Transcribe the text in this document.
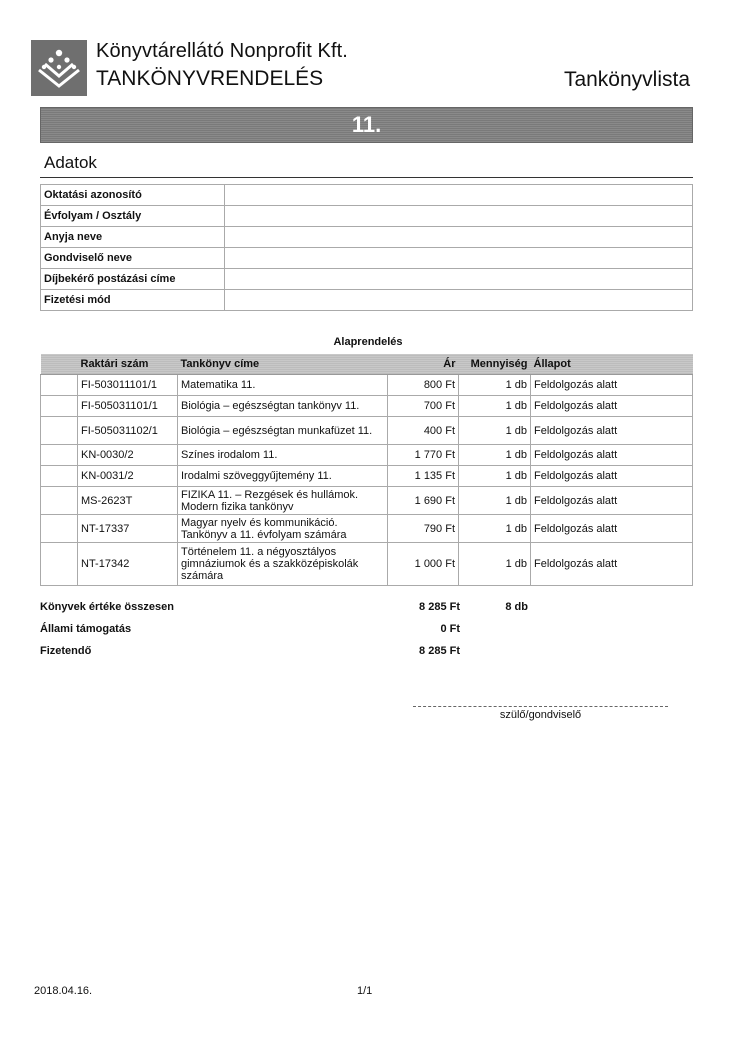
Könyvtárellátó Nonprofit Kft.
TANKÖNYVRENDELÉS	Tankönyvlista
11.
Adatok
Oktatási azonosító	
Évfolyam / Osztály	
Anyja neve	
Gondviselő neve	
Díjbekérő postázási címe	
Fizetési mód	
Alaprendelés
	Raktári szám	Tankönyv címe	Ár	Mennyiség	Állapot
	FI-503011101/1	Matematika 11.	800 Ft	1 db	Feldolgozás alatt
	FI-505031101/1	Biológia – egészségtan tankönyv 11.	700 Ft	1 db	Feldolgozás alatt
	FI-505031102/1	Biológia – egészségtan munkafüzet 11.	400 Ft	1 db	Feldolgozás alatt
	KN-0030/2	Színes irodalom 11.	1 770 Ft	1 db	Feldolgozás alatt
	KN-0031/2	Irodalmi szöveggyűjtemény 11.	1 135 Ft	1 db	Feldolgozás alatt
	MS-2623T	FIZIKA 11. – Rezgések és hullámok. Modern fizika tankönyv	1 690 Ft	1 db	Feldolgozás alatt
	NT-17337	Magyar nyelv és kommunikáció. Tankönyv a 11. évfolyam számára	790 Ft	1 db	Feldolgozás alatt
	NT-17342	Történelem 11. a négyosztályos gimnáziumok és a szakközépiskolák számára	1 000 Ft	1 db	Feldolgozás alatt
Könyvek értéke összesen	8 285 Ft	8 db
Állami támogatás	0 Ft
Fizetendő	8 285 Ft
szülő/gondviselő
2018.04.16.	1/1
